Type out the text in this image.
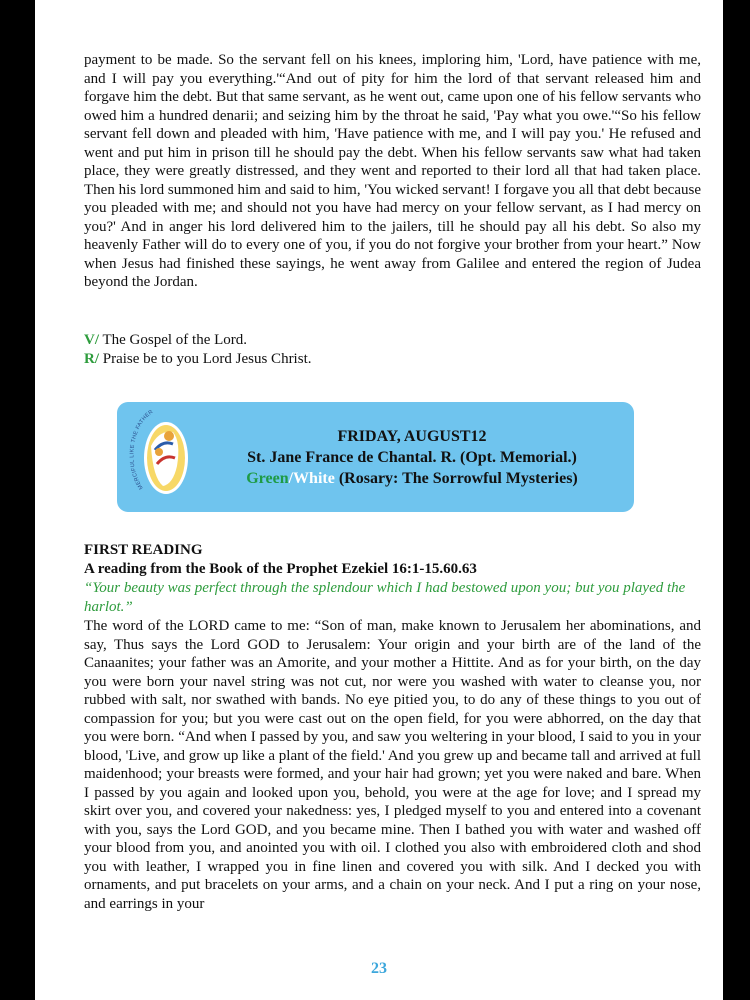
payment to be made. So the servant fell on his knees, imploring him, 'Lord, have patience with me, and I will pay you everything.'“And out of pity for him the lord of that servant released him and forgave him the debt. But that same servant, as he went out, came upon one of his fellow servants who owed him a hundred denarii; and seizing him by the throat he said, 'Pay what you owe.'“So his fellow servant fell down and pleaded with him, 'Have patience with me, and I will pay you.' He refused and went and put him in prison till he should pay the debt. When his fellow servants saw what had taken place, they were greatly distressed, and they went and reported to their lord all that had taken place. Then his lord summoned him and said to him, 'You wicked servant! I forgave you all that debt because you pleaded with me; and should not you have had mercy on your fellow servant, as I had mercy on you?' And in anger his lord delivered him to the jailers, till he should pay all his debt. So also my heavenly Father will do to every one of you, if you do not forgive your brother from your heart.” Now when Jesus had finished these sayings, he went away from Galilee and entered the region of Judea beyond the Jordan.
V/ The Gospel of the Lord.
R/ Praise be to you Lord Jesus Christ.
MERCIFUL LIKE THE FATHER
FRIDAY, AUGUST12
St. Jane France de Chantal. R. (Opt. Memorial.)
Green/White (Rosary: The Sorrowful Mysteries)
FIRST READING
A reading from the Book of the Prophet Ezekiel 16:1-15.60.63
“Your beauty was perfect through the splendour which I had bestowed upon you; but you played the harlot.”
The word of the LORD came to me: “Son of man, make known to Jerusalem her abominations, and say, Thus says the Lord GOD to Jerusalem: Your origin and your birth are of the land of the Canaanites; your father was an Amorite, and your mother a Hittite. And as for your birth, on the day you were born your navel string was not cut, nor were you washed with water to cleanse you, nor rubbed with salt, nor swathed with bands. No eye pitied you, to do any of these things to you out of compassion for you; but you were cast out on the open field, for you were abhorred, on the day that you were born. “And when I passed by you, and saw you weltering in your blood, I said to you in your blood, 'Live, and grow up like a plant of the field.' And you grew up and became tall and arrived at full maidenhood; your breasts were formed, and your hair had grown; yet you were naked and bare. When I passed by you again and looked upon you, behold, you were at the age for love; and I spread my skirt over you, and covered your nakedness: yes, I pledged myself to you and entered into a covenant with you, says the Lord GOD, and you became mine. Then I bathed you with water and washed off your blood from you, and anointed you with oil. I clothed you also with embroidered cloth and shod you with leather, I wrapped you in fine linen and covered you with silk. And I decked you with ornaments, and put bracelets on your arms, and a chain on your neck. And I put a ring on your nose, and earrings in your
23
